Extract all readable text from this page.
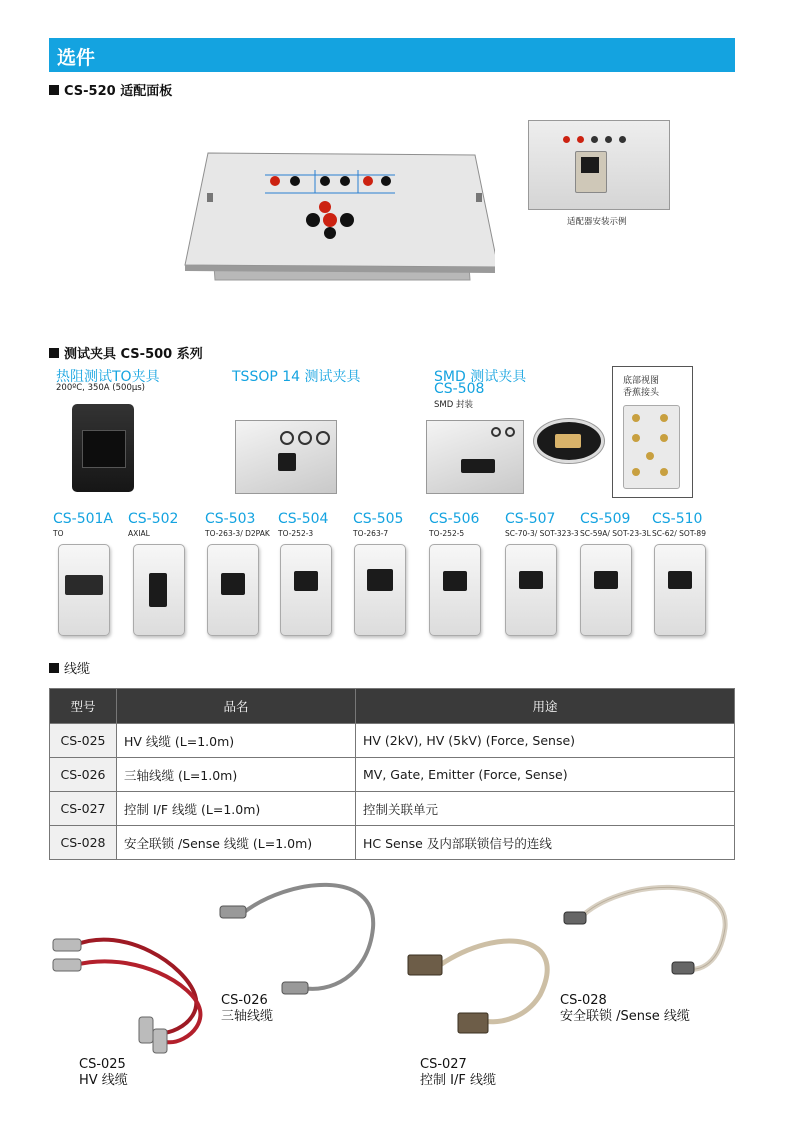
选件
CS-520 适配面板
适配器安装示例
测试夹具 CS-500 系列
热阻测试TO夹具
200ºC, 350A (500μs)
TSSOP 14 测试夹具	SMD 测试夹具
CS-508
SMD 封装
底部视图
香蕉接头
CS-501A
TO
CS-502
AXIAL
CS-503
TO-263-3/ D2PAK
CS-504
TO-252-3
CS-505
TO-263-7
CS-506
TO-252-5
CS-507
SC-70-3/ SOT-323-3
CS-509
SC-59A/ SOT-23-3L
CS-510
SC-62/ SOT-89
线缆
型号	品名	用途
CS-025	HV 线缆 (L=1.0m)	HV (2kV), HV (5kV) (Force, Sense)
CS-026	三轴线缆 (L=1.0m)	MV, Gate, Emitter (Force, Sense)
CS-027	控制 I/F 线缆 (L=1.0m)	控制关联单元
CS-028	安全联锁 /Sense 线缆 (L=1.0m)	HC Sense 及内部联锁信号的连线
CS-025
HV 线缆
CS-026
三轴线缆
CS-027
控制 I/F 线缆
CS-028
安全联锁 /Sense 线缆
